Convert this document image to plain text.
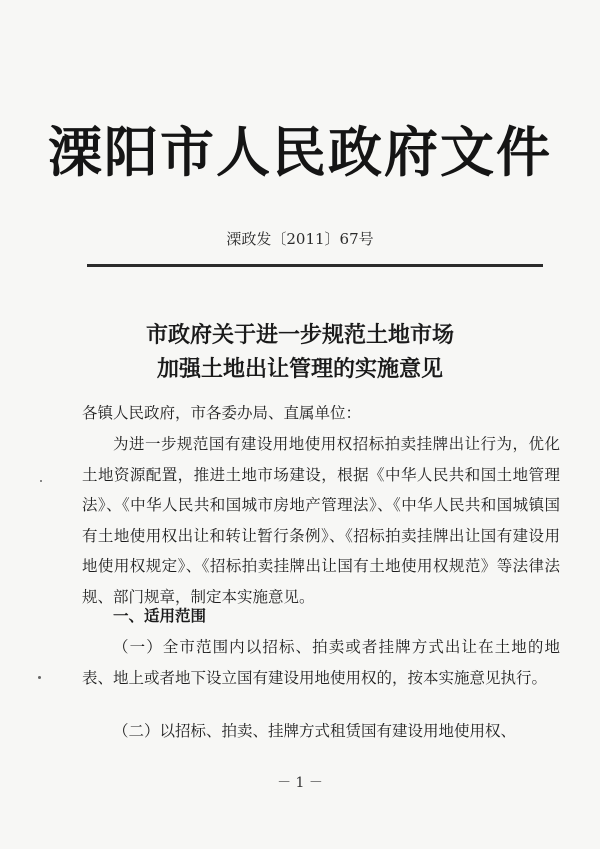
溧阳市人民政府文件
溧政发〔2011〕67号
市政府关于进一步规范土地市场
加强土地出让管理的实施意见
各镇人民政府，市各委办局、直属单位：
为进一步规范国有建设用地使用权招标拍卖挂牌出让行为，优化土地资源配置，推进土地市场建设，根据《中华人民共和国土地管理法》、《中华人民共和国城市房地产管理法》、《中华人民共和国城镇国有土地使用权出让和转让暂行条例》、《招标拍卖挂牌出让国有建设用地使用权规定》、《招标拍卖挂牌出让国有土地使用权规范》等法律法规、部门规章，制定本实施意见。
一、适用范围
（一）全市范围内以招标、拍卖或者挂牌方式出让在土地的地表、地上或者地下设立国有建设用地使用权的，按本实施意见执行。
（二）以招标、拍卖、挂牌方式租赁国有建设用地使用权、
－ 1 －
